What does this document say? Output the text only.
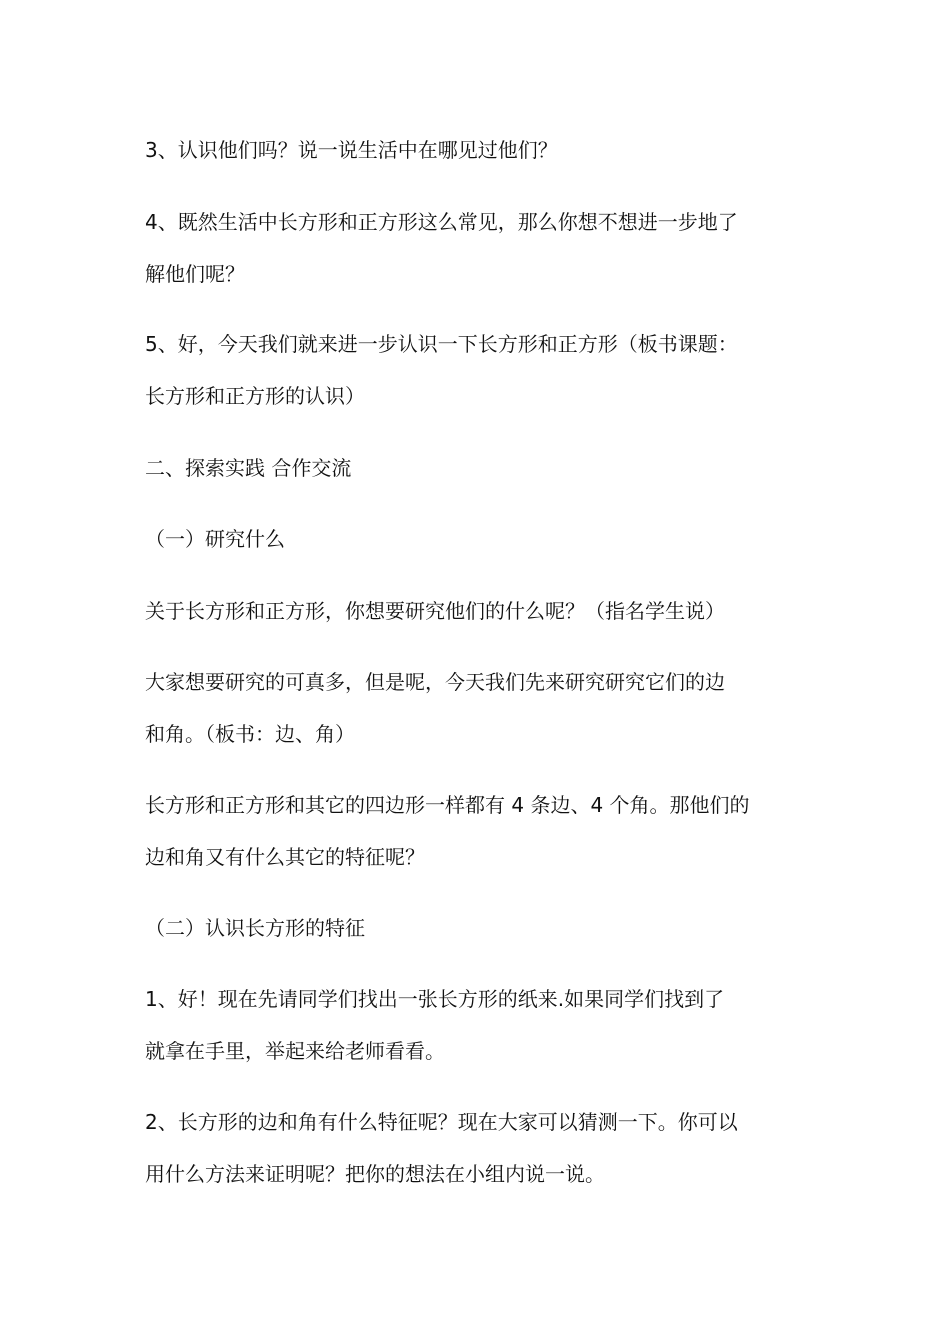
3、认识他们吗？说一说生活中在哪见过他们？
4、既然生活中长方形和正方形这么常见，那么你想不想进一步地了
解他们呢？
5、好，今天我们就来进一步认识一下长方形和正方形（板书课题：
长方形和正方形的认识）
二、探索实践 合作交流
（一）研究什么
关于长方形和正方形，你想要研究他们的什么呢？（指名学生说）
大家想要研究的可真多，但是呢，今天我们先来研究研究它们的边
和角。（板书：边、角）
长方形和正方形和其它的四边形一样都有 4 条边、4 个角。那他们的
边和角又有什么其它的特征呢？
（二）认识长方形的特征
1、好！现在先请同学们找出一张长方形的纸来.如果同学们找到了
就拿在手里，举起来给老师看看。
2、长方形的边和角有什么特征呢？现在大家可以猜测一下。你可以
用什么方法来证明呢？把你的想法在小组内说一说。
